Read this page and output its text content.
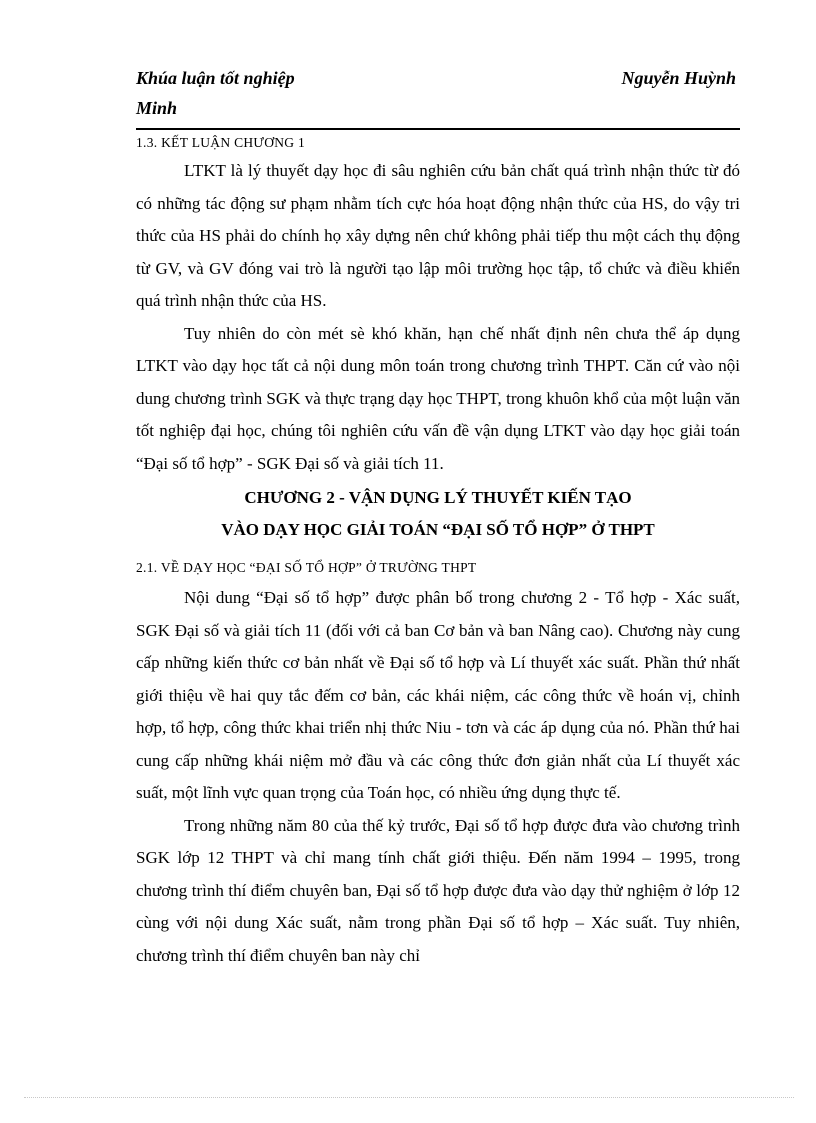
Khúa luận tốt nghiệp	Nguyễn Huỳnh
Minh
1.3. KẾT LUẬN CHƯƠNG 1

LTKT là lý thuyết dạy học đi sâu nghiên cứu bản chất quá trình nhận thức từ đó có những tác động sư phạm nhằm tích cực hóa hoạt động nhận thức của HS, do vậy tri thức của HS phải do chính họ xây dựng nên chứ không phải tiếp thu một cách thụ động từ GV, và GV đóng vai trò là người tạo lập môi trường học tập, tổ chức và điều khiển quá trình nhận thức của HS.

Tuy nhiên do còn mét sè khó khăn, hạn chế nhất định nên chưa thể áp dụng LTKT vào dạy học tất cả nội dung môn toán trong chương trình THPT. Căn cứ vào nội dung chương trình SGK và thực trạng dạy học THPT, trong khuôn khổ của một luận văn tốt nghiệp đại học, chúng tôi nghiên cứu vấn đề vận dụng LTKT vào dạy học giải toán “Đại số tổ hợp” - SGK Đại số và giải tích 11.

CHƯƠNG 2 - VẬN DỤNG LÝ THUYẾT KIẾN TẠO

VÀO DẠY HỌC GIẢI TOÁN “ĐẠI SỐ TỔ HỢP” Ở THPT

2.1. VỀ DẠY HỌC “ĐẠI SỐ TỔ HỢP” Ở TRƯỜNG THPT

Nội dung “Đại số tổ hợp” được phân bố trong chương 2 - Tổ hợp - Xác suất, SGK Đại số và giải tích 11 (đối với cả ban Cơ bản và ban Nâng cao). Chương này cung cấp những kiến thức cơ bản nhất về Đại số tổ hợp và Lí thuyết xác suất. Phần thứ nhất giới thiệu về hai quy tắc đếm cơ bản, các khái niệm, các công thức về hoán vị, chỉnh hợp, tổ hợp, công thức khai triển nhị thức Niu - tơn và các áp dụng của nó. Phần thứ hai cung cấp những khái niệm mở đầu và các công thức đơn giản nhất của Lí thuyết xác suất, một lĩnh vực quan trọng của Toán học, có nhiều ứng dụng thực tế.

Trong những năm 80 của thế kỷ trước, Đại số tổ hợp được đưa vào chương trình SGK lớp 12 THPT và chỉ mang tính chất giới thiệu. Đến năm 1994 – 1995, trong chương trình thí điểm chuyên ban, Đại số tổ hợp được đưa vào dạy thử nghiệm ở lớp 12 cùng với nội dung Xác suất, nằm trong phần Đại số tổ hợp – Xác suất. Tuy nhiên, chương trình thí điểm chuyên ban này chỉ
